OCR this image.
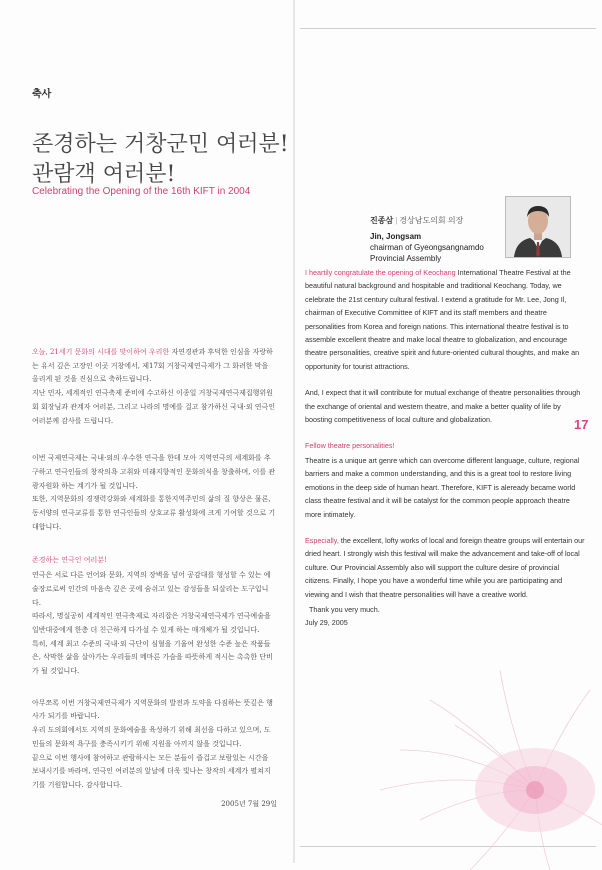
축사
존경하는 거창군민 여러분!
관람객 여러분!
Celebrating the Opening of the 16th KIFT in 2004
진종삼 | 경상남도의회 의장
Jin, Jongsam
chairman of Gyeongsangnamdo Provincial Assembly

오늘, 21세기 문화의 시대를 맞이하여 우리한 자연경관과 후덕한 인심을 자랑하는 유서 깊은 고장인 이곳 거창에서, 제17회 거창국제연극제가 그 화려한 막을 올리게 된 것을 진심으로 축하드립니다.

지난 민자, 세계적인 연극축제 준비에 수고하신 이종일 거창국제연극제집행위원회 회장님과 관계자 여러분, 그리고 나라의 명예를 걸고 참가하신 국내·외 연극인 여러분께 감사를 드립니다.

이번 국제연극제는 국내·외의 우수한 연극을 한데 모아 지역연극의 세계화를 추구하고 연극인들의 창작의욕 고취와 미래지향적인 문화의식을 창출하며, 이를 관광자원화 하는 계기가 될 것입니다.

또한, 지역문화의 경쟁력강화와 세계화를 통한지역주민의 삶의 질 향상은 물론, 동서양의 연극교류를 통한 연극인들의 상호교류 활성화에 크게 기여할 것으로 기대합니다.

존경하는 연극인 여러분!

연극은 서로 다른 언어와 문화, 지역의 장벽을 넘어 공감대를 형성할 수 있는 예술장르로써 인간의 마음속 깊은 곳에 숨쉬고 있는 감성들을 되살리는 도구입니다.

따라서, 명실공히 세계적인 연극축제로 자리잡은 거창국제연극제가 연극예술을 일반대중에게 한층 더 친근하게 다가설 수 있게 하는 매개체가 될 것입니다.

특히, 세계 최고 수준의 국내·외 극단이 심혈을 기울여 완성한 수준 높은 작품들은, 삭막한 삶을 살아가는 우리들의 메마른 가슴을 따뜻하게 적시는 촉촉한 단비가 될 것입니다.

아무쪼록 이번 거창국제연극제가 지역문화의 발전과 도약을 다짐하는 뜻깊은 행사가 되기를 바랍니다.

우리 도의회에서도 지역의 문화예술을 육성하기 위해 최선을 다하고 있으며, 도민들의 문화적 욕구를 충족시키기 위해 지원을 아끼지 않을 것입니다.

끝으로 이번 행사에 참여하고 관람하시는 모든 분들이 즐겁고 보람있는 시간을 보내시기를 바라며, 연극인 여러분의 앞날에 더욱 빛나는 창작의 세계가 펼쳐지기를 기원합니다. 감사합니다.

2005년 7월 29일

I heartily congratulate the opening of Keochang International Theatre Festival at the beautiful natural background and hospitable and traditional Keochang. Today, we celebrate the 21st century cultural festival. I extend a gratitude for Mr. Lee, Jong Il, chairman of Executive Committee of KIFT and its staff members and theatre personalities from Korea and foreign nations. This international theatre festival is to assemble excellent theatre and make local theatre to globalization, and encourage theatre personalities, creative spirit and future-oriented cultural thoughts, and make an opportunity for tourist attractions.

And, I expect that it will contribute for mutual exchange of theatre personalities through the exchange of oriental and western theatre, and make a better quality of life by boosting competitiveness of local culture and globalization.

Fellow theatre personalities!

Theatre is a unique art genre which can overcome different language, culture, regional barriers and make a common understanding, and this is a great tool to restore living emotions in the deep side of human heart. Therefore, KIFT is aleready became world class theatre festival and it will be catalyst for the common people approach theatre more intimately.

Especially, the excellent, lofty works of local and foreign theatre groups will entertain our dried heart. I strongly wish this festival will make the advancement and take-off of local culture. Our Provincial Assembly also will support the culture desire of provincial citizens. Finally, I hope you have a wonderful time while you are participating and viewing and I wish that theatre personalities will have a creative world.

Thank you very much.

July 29, 2005

17
